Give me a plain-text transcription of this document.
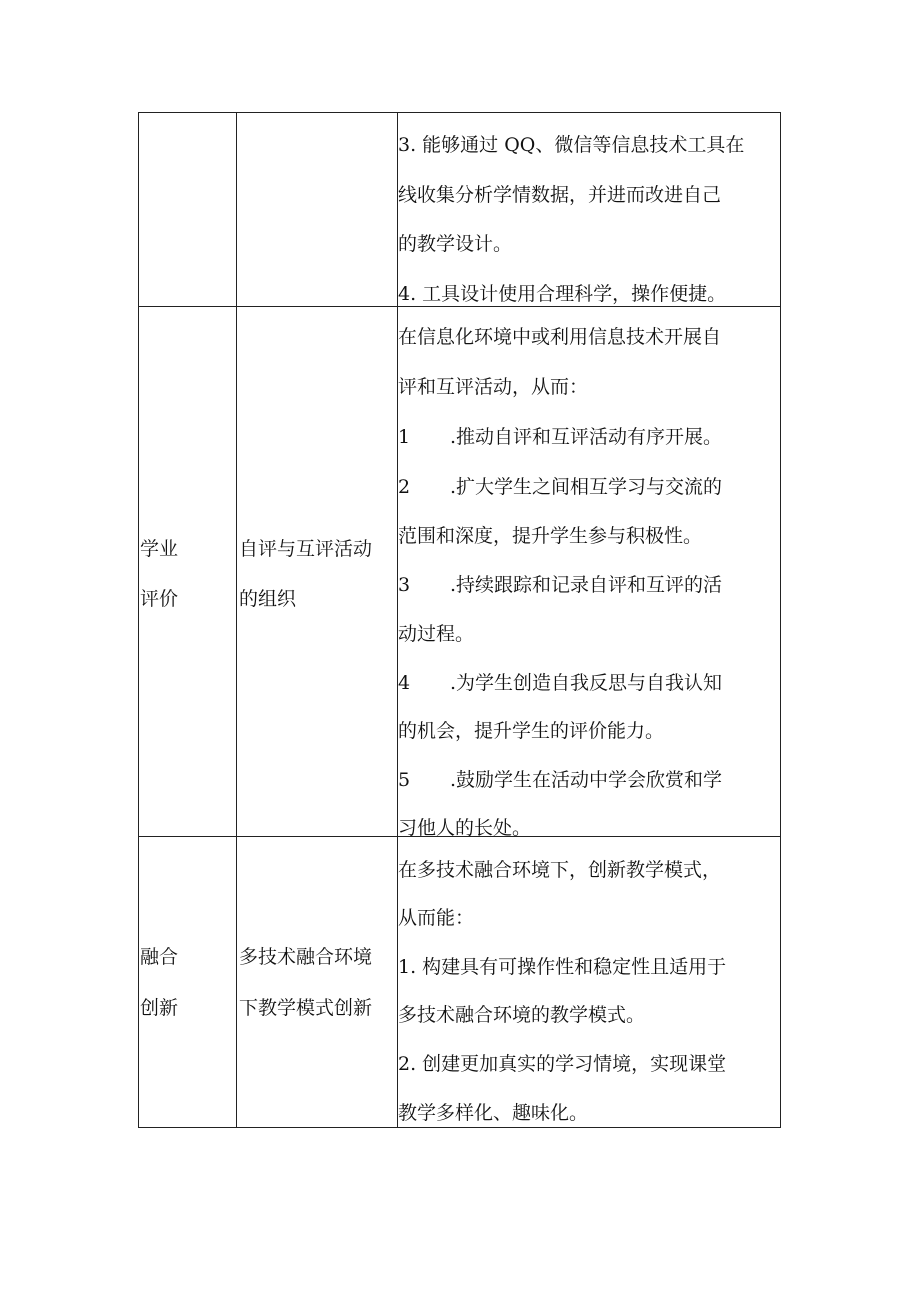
3. 能够通过 QQ、微信等信息技术工具在
线收集分析学情数据，并进而改进自己
的教学设计。
4. 工具设计使用合理科学，操作便捷。
学业
评价
自评与互评活动
的组织
在信息化环境中或利用信息技术开展自
评和互评活动，从而：
1 .推动自评和互评活动有序开展。
2 .扩大学生之间相互学习与交流的
范围和深度，提升学生参与积极性。
3 .持续跟踪和记录自评和互评的活
动过程。
4 .为学生创造自我反思与自我认知
的机会，提升学生的评价能力。
5 .鼓励学生在活动中学会欣赏和学
习他人的长处。
融合
创新
多技术融合环境
下教学模式创新
在多技术融合环境下，创新教学模式，
从而能：
1. 构建具有可操作性和稳定性且适用于
多技术融合环境的教学模式。
2. 创建更加真实的学习情境，实现课堂
教学多样化、趣味化。
